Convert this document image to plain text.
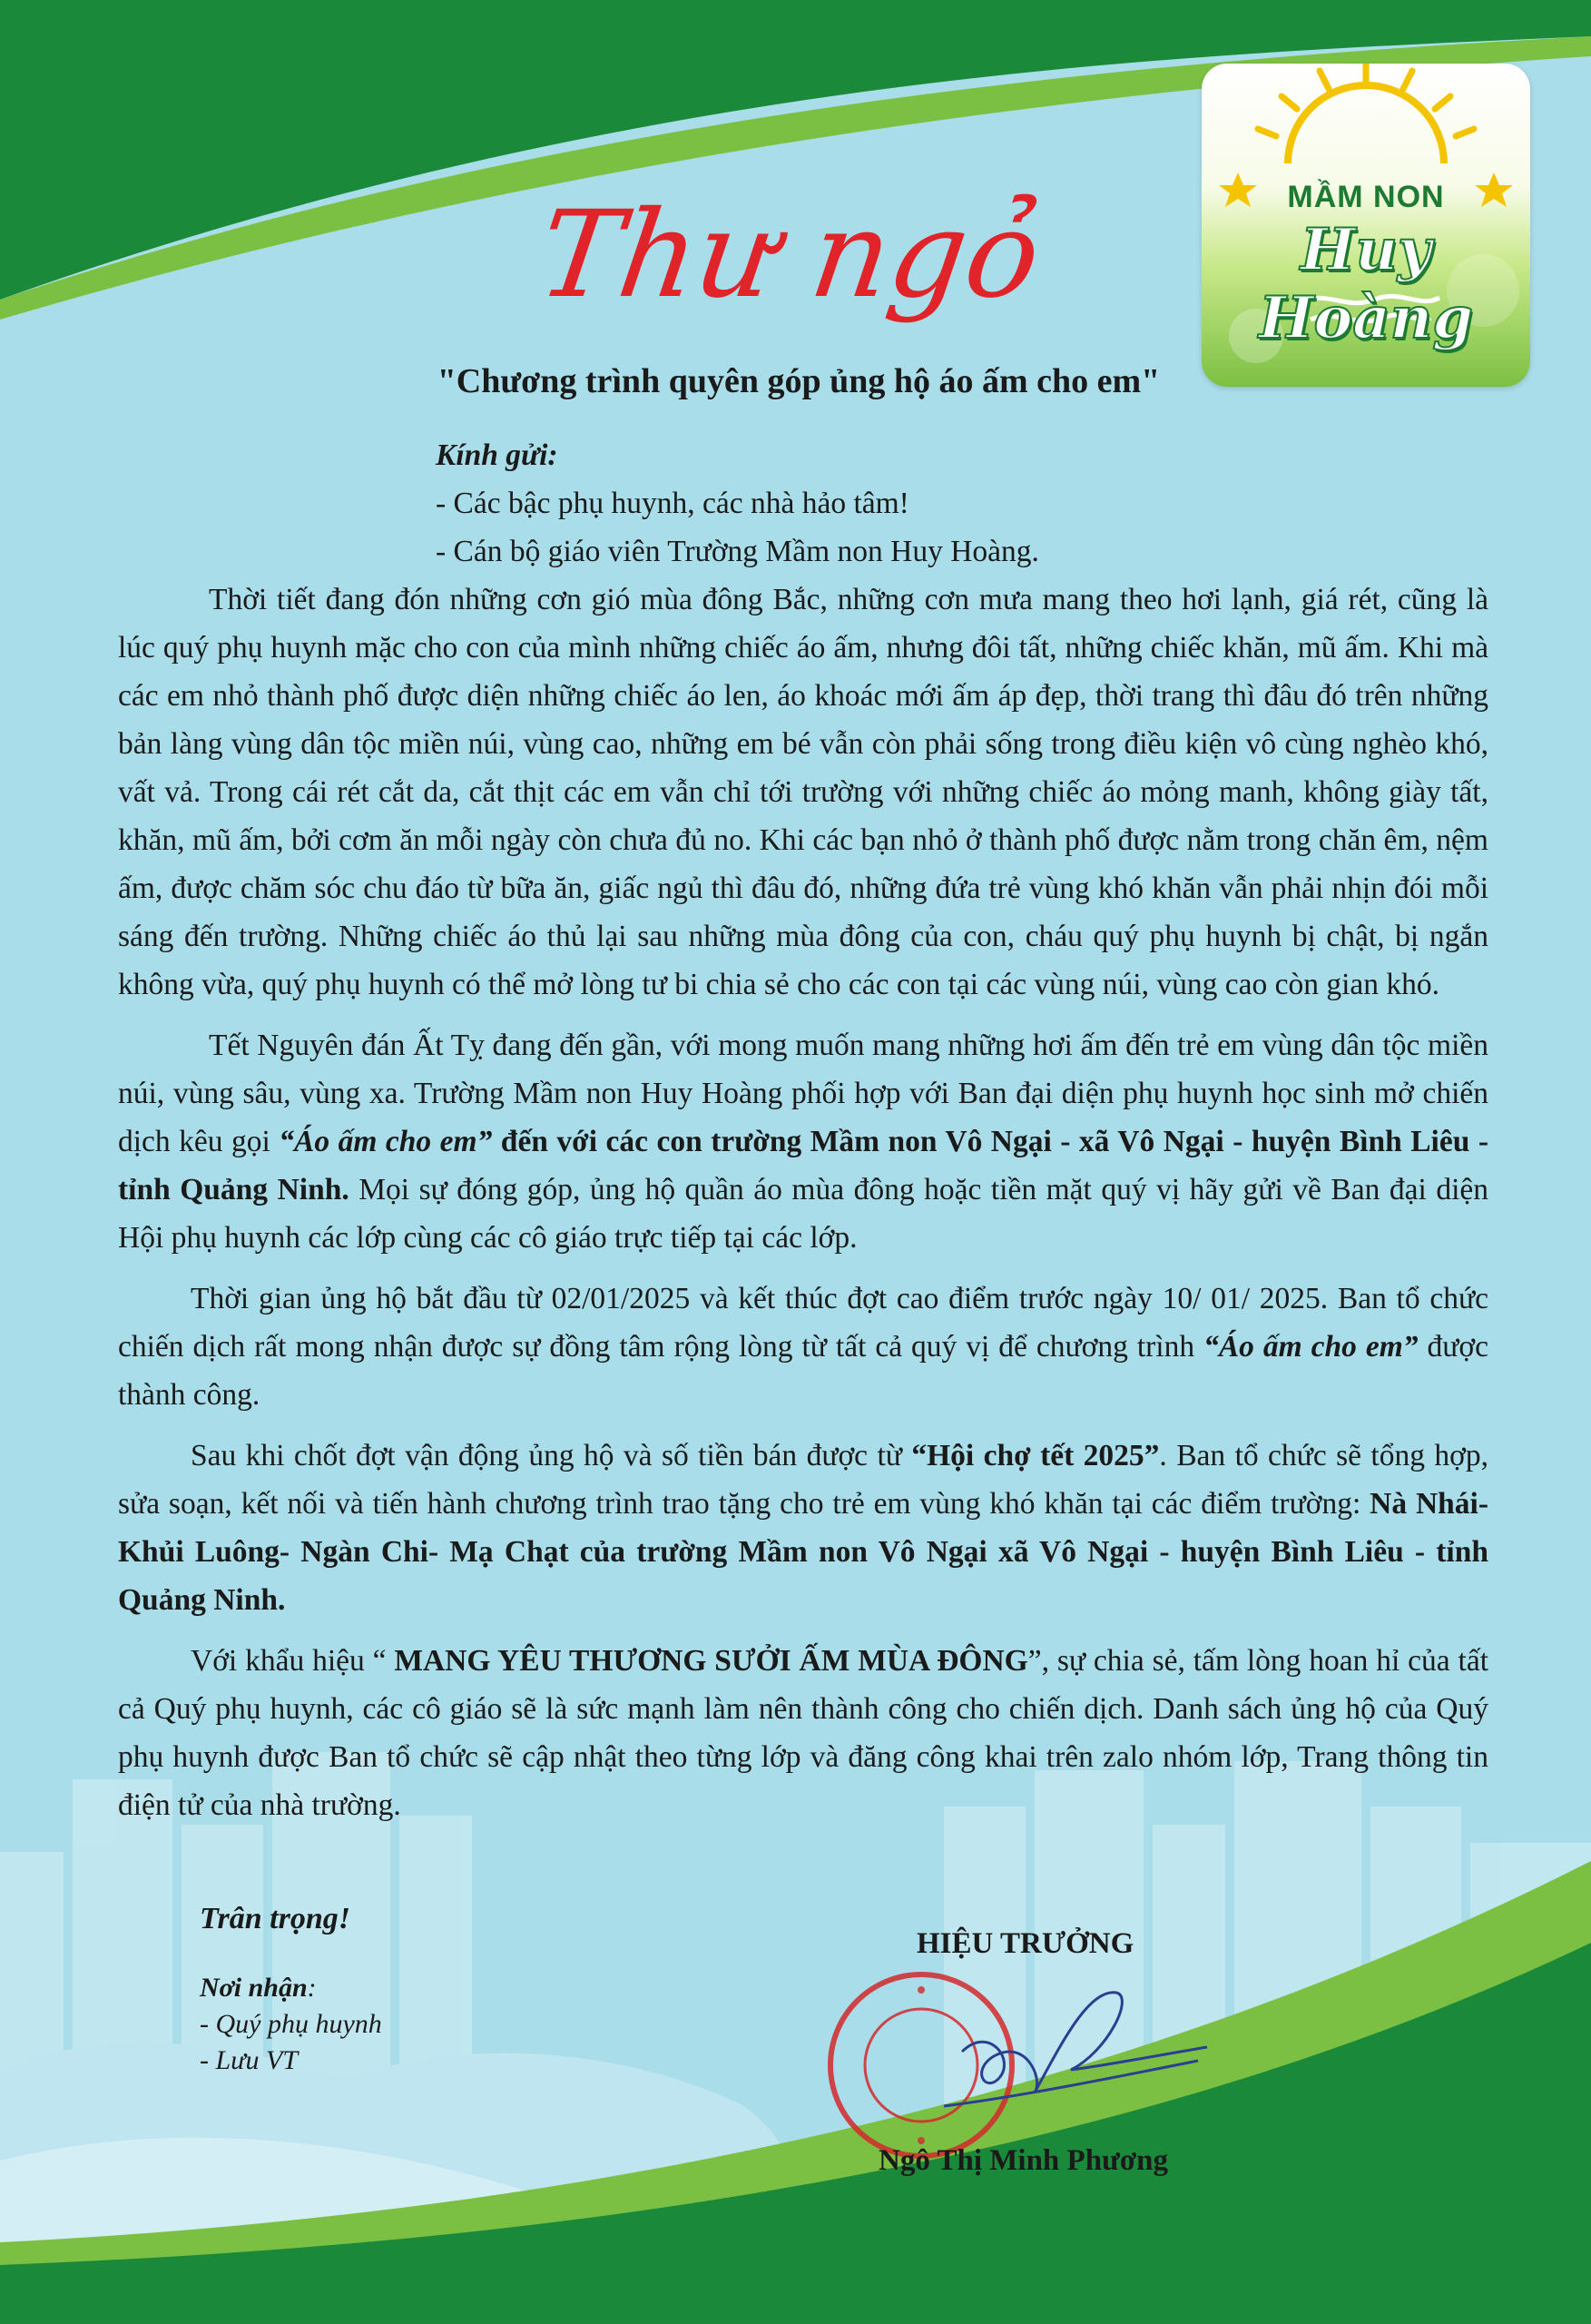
MẦM NON
Huy Hoàng
Thư ngỏ
"Chương trình quyên góp ủng hộ áo ấm cho em"

Kính gửi:

- Các bậc phụ huynh, các nhà hảo tâm!

- Cán bộ giáo viên Trường Mầm non Huy Hoàng.

Thời tiết đang đón những cơn gió mùa đông Bắc, những cơn mưa mang theo hơi lạnh, giá rét, cũng là lúc quý phụ huynh mặc cho con của mình những chiếc áo ấm, nhưng đôi tất, những chiếc khăn, mũ ấm. Khi mà các em nhỏ thành phố được diện những chiếc áo len, áo khoác mới ấm áp đẹp, thời trang thì đâu đó trên những bản làng vùng dân tộc miền núi, vùng cao, những em bé vẫn còn phải sống trong điều kiện vô cùng nghèo khó, vất vả. Trong cái rét cắt da, cắt thịt các em vẫn chỉ tới trường với những chiếc áo mỏng manh, không giày tất, khăn, mũ ấm, bởi cơm ăn mỗi ngày còn chưa đủ no. Khi các bạn nhỏ ở thành phố được nằm trong chăn êm, nệm ấm, được chăm sóc chu đáo từ bữa ăn, giấc ngủ thì đâu đó, những đứa trẻ vùng khó khăn vẫn phải nhịn đói mỗi sáng đến trường. Những chiếc áo thủ lại sau những mùa đông của con, cháu quý phụ huynh bị chật, bị ngắn không vừa, quý phụ huynh có thể mở lòng tư bi chia sẻ cho các con tại các vùng núi, vùng cao còn gian khó.

Tết Nguyên đán Ất Tỵ đang đến gần, với mong muốn mang những hơi ấm đến trẻ em vùng dân tộc miền núi, vùng sâu, vùng xa. Trường Mầm non Huy Hoàng phối hợp với Ban đại diện phụ huynh học sinh mở chiến dịch kêu gọi “Áo ấm cho em” đến với các con trường Mầm non Vô Ngại - xã Vô Ngại - huyện Bình Liêu - tỉnh Quảng Ninh. Mọi sự đóng góp, ủng hộ quần áo mùa đông hoặc tiền mặt quý vị hãy gửi về Ban đại diện Hội phụ huynh các lớp cùng các cô giáo trực tiếp tại các lớp.

Thời gian ủng hộ bắt đầu từ 02/01/2025 và kết thúc đợt cao điểm trước ngày 10/ 01/ 2025. Ban tổ chức chiến dịch rất mong nhận được sự đồng tâm rộng lòng từ tất cả quý vị để chương trình “Áo ấm cho em” được thành công.

Sau khi chốt đợt vận động ủng hộ và số tiền bán được từ “Hội chợ tết 2025”. Ban tổ chức sẽ tổng hợp, sửa soạn, kết nối và tiến hành chương trình trao tặng cho trẻ em vùng khó khăn tại các điểm trường: Nà Nhái- Khủi Luông- Ngàn Chi- Mạ Chạt của trường Mầm non Vô Ngại xã Vô Ngại - huyện Bình Liêu - tỉnh Quảng Ninh.

Với khẩu hiệu “ MANG YÊU THƯƠNG SƯỞI ẤM MÙA ĐÔNG”, sự chia sẻ, tấm lòng hoan hỉ của tất cả Quý phụ huynh, các cô giáo sẽ là sức mạnh làm nên thành công cho chiến dịch. Danh sách ủng hộ của Quý phụ huynh được Ban tổ chức sẽ cập nhật theo từng lớp và đăng công khai trên zalo nhóm lớp, Trang thông tin điện tử của nhà trường.

Trân trọng!
Nơi nhận:
- Quý phụ huynh
- Lưu VT
HIỆU TRƯỞNG
Ngô Thị Minh Phương
